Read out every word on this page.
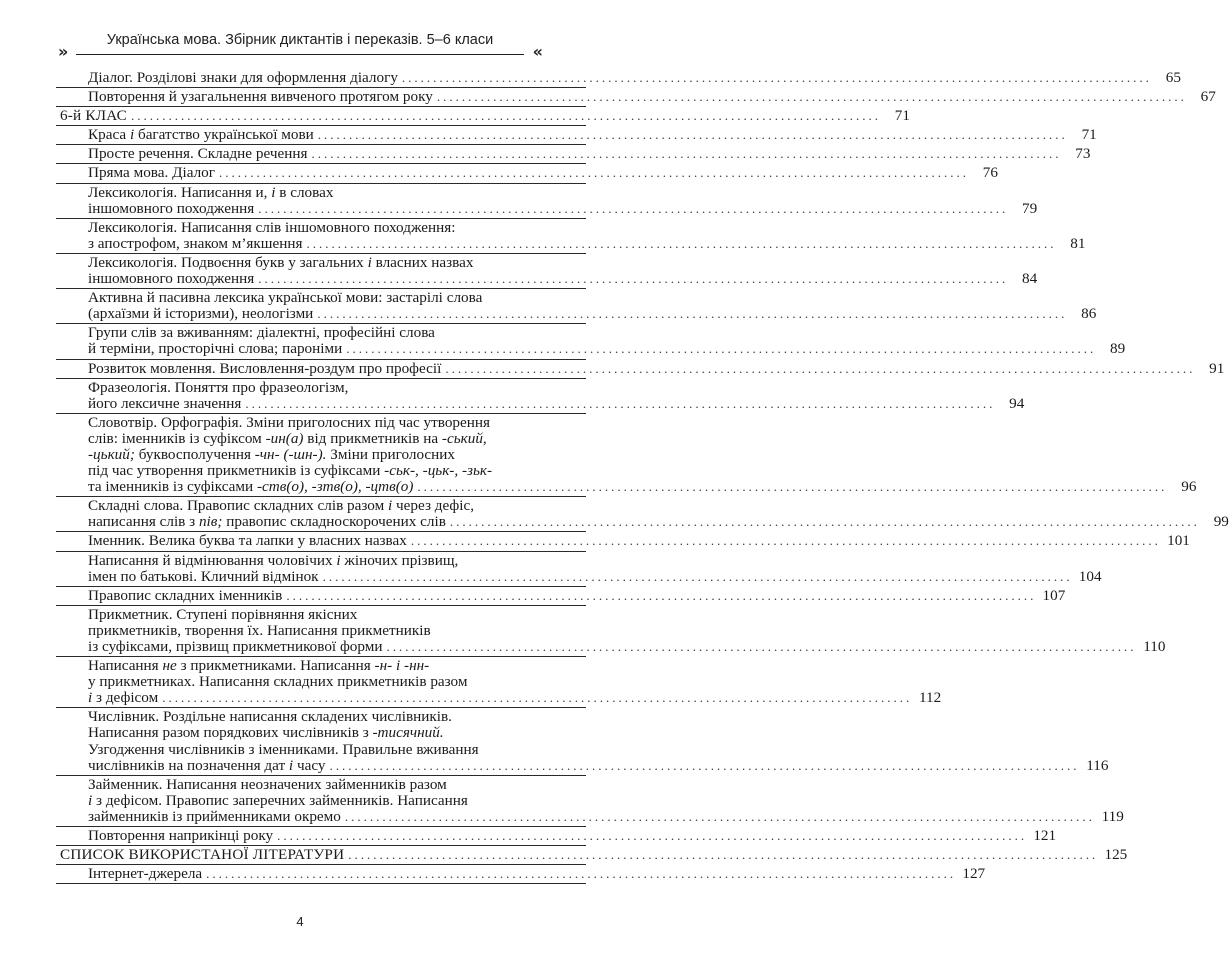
Українська мова. Збірник диктантів і переказів. 5–6 класи
»	«
Діалог. Розділові знаки для оформлення діалогу ........................................................................................................................ 65
Повторення й узагальнення вивченого протягом року ........................................................................................................................ 67
6-й КЛАС ........................................................................................................................ 71
Краса і багатство української мови ........................................................................................................................ 71
Просте речення. Складне речення ........................................................................................................................ 73
Пряма мова. Діалог ........................................................................................................................ 76
Лексикологія. Написання и, і в словах
іншомовного походження ........................................................................................................................ 79
Лексикологія. Написання слів іншомовного походження:
з апострофом, знаком м’якшення ........................................................................................................................ 81
Лексикологія. Подвоєння букв у загальних і власних назвах
іншомовного походження ........................................................................................................................ 84
Активна й пасивна лексика української мови: застарілі слова
(архаїзми й історизми), неологізми ........................................................................................................................ 86
Групи слів за вживанням: діалектні, професійні слова
й терміни, просторічні слова; пароніми ........................................................................................................................ 89
Розвиток мовлення. Висловлення-роздум про професії ........................................................................................................................ 91
Фразеологія. Поняття про фразеологізм,
його лексичне значення ........................................................................................................................ 94
Словотвір. Орфографія. Зміни приголосних під час утворення
слів: іменників із суфіксом -ин(а) від прикметників на -ський,
-цький; буквосполучення -чн- (-шн-). Зміни приголосних
під час утворення прикметників із суфіксами -ськ-, -цьк-, -зьк-
та іменників із суфіксами -ств(о), -зтв(о), -цтв(о) ........................................................................................................................ 96
Складні слова. Правопис складних слів разом і через дефіс,
написання слів з пів; правопис складноскорочених слів ........................................................................................................................ 99
Іменник. Велика буква та лапки у власних назвах ........................................................................................................................ 101
Написання й відмінювання чоловічих і жіночих прізвищ,
імен по батькові. Кличний відмінок ........................................................................................................................ 104
Правопис складних іменників ........................................................................................................................ 107
Прикметник. Ступені порівняння якісних
прикметників, творення їх. Написання прикметників
із суфіксами, прізвищ прикметникової форми ........................................................................................................................ 110
Написання не з прикметниками. Написання -н- і -нн-
у прикметниках. Написання складних прикметників разом
і з дефісом ........................................................................................................................ 112
Числівник. Роздільне написання складених числівників.
Написання разом порядкових числівників з -тисячний.
Узгодження числівників з іменниками. Правильне вживання
числівників на позначення дат і часу ........................................................................................................................ 116
Займенник. Написання неозначених займенників разом
і з дефісом. Правопис заперечних займенників. Написання
займенників із прийменниками окремо ........................................................................................................................ 119
Повторення наприкінці року ........................................................................................................................ 121
СПИСОК ВИКОРИСТАНОЇ ЛІТЕРАТУРИ ........................................................................................................................ 125
Інтернет-джерела ........................................................................................................................ 127
4
